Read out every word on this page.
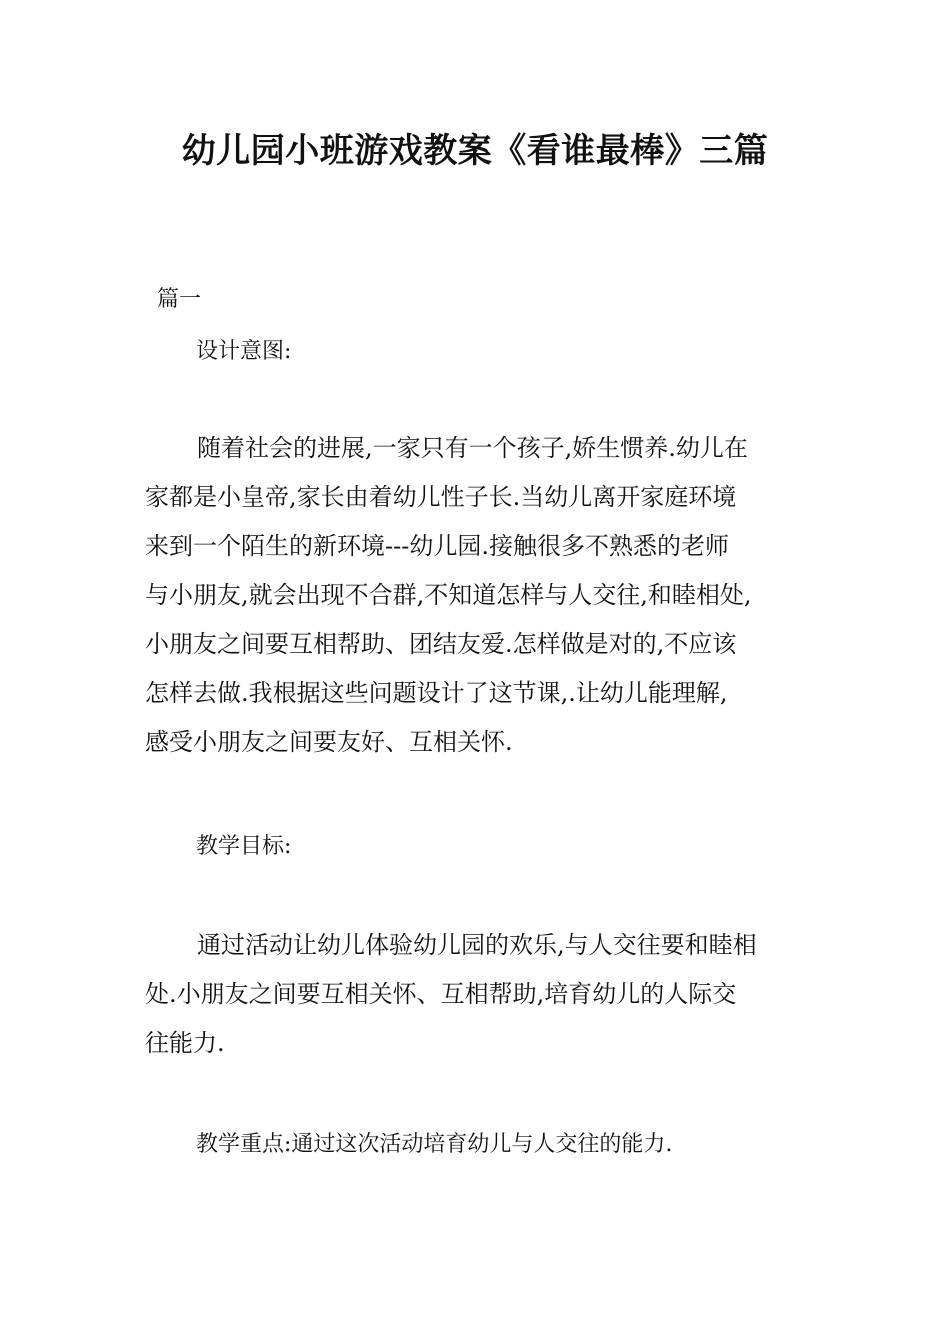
幼儿园小班游戏教案《看谁最棒》三篇
篇一
设计意图:
随着社会的进展,一家只有一个孩子,娇生惯养.幼儿在
家都是小皇帝,家长由着幼儿性子长.当幼儿离开家庭环境
来到一个陌生的新环境---幼儿园.接触很多不熟悉的老师
与小朋友,就会出现不合群,不知道怎样与人交往,和睦相处,
小朋友之间要互相帮助、团结友爱.怎样做是对的,不应该
怎样去做.我根据这些问题设计了这节课,.让幼儿能理解,
感受小朋友之间要友好、互相关怀.
教学目标:
通过活动让幼儿体验幼儿园的欢乐,与人交往要和睦相
处.小朋友之间要互相关怀、互相帮助,培育幼儿的人际交
往能力.
教学重点:通过这次活动培育幼儿与人交往的能力.
